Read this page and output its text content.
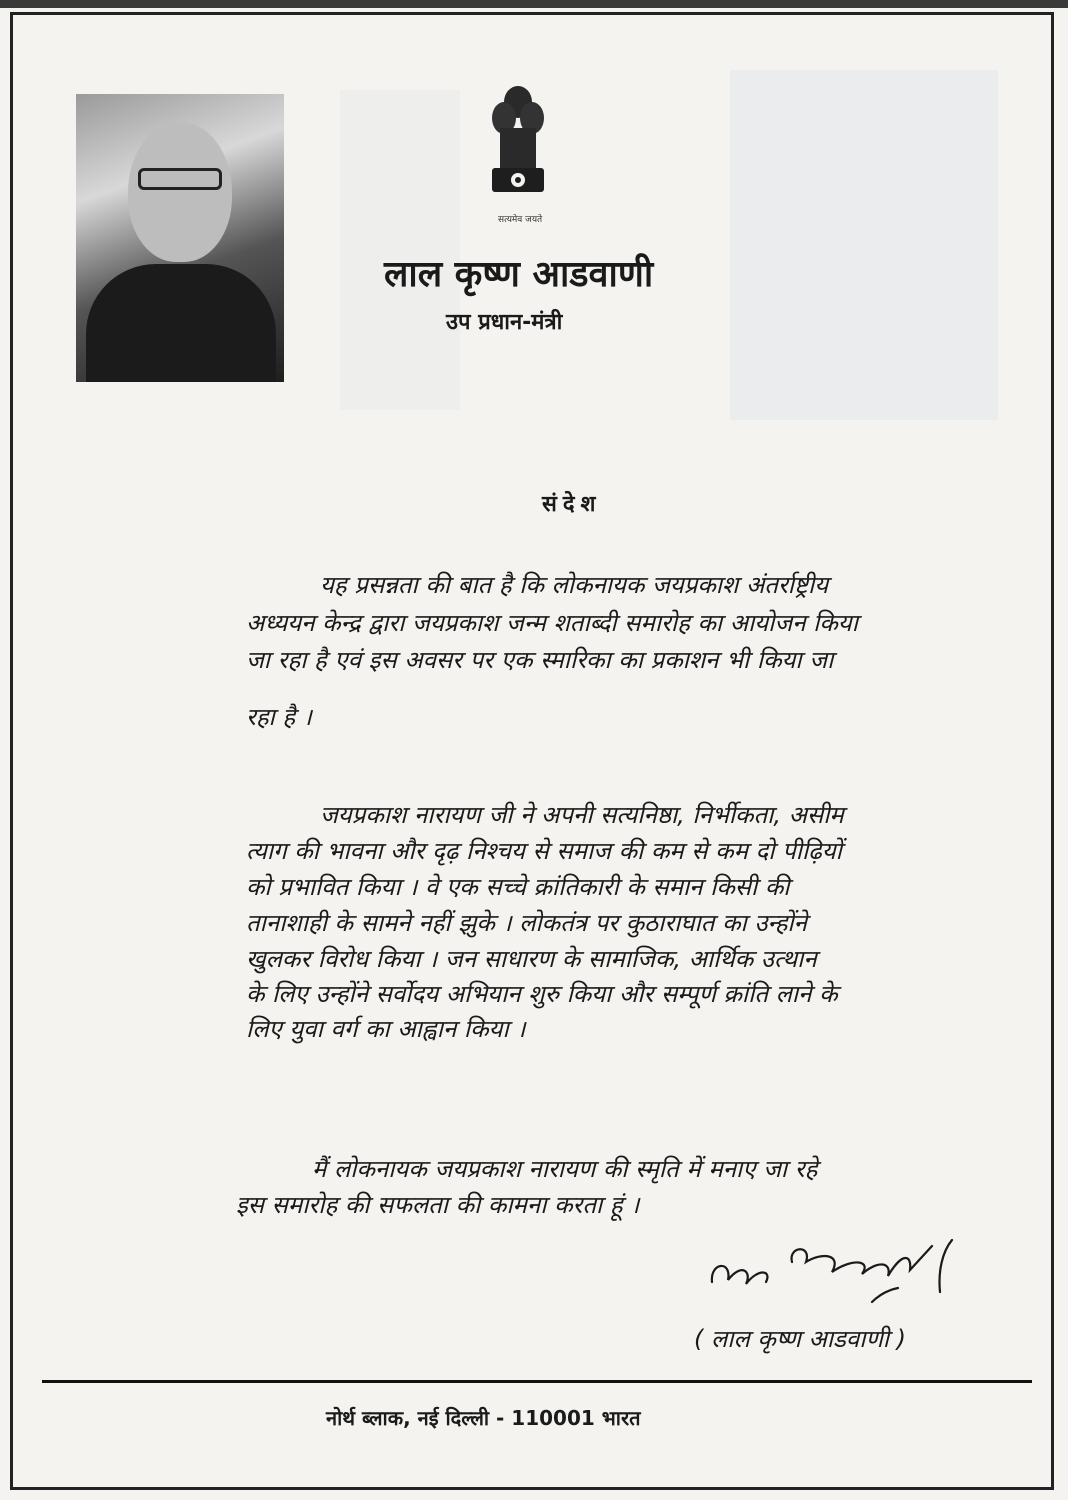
सत्यमेव जयते
लाल कृष्ण आडवाणी
उप प्रधान-मंत्री
संदेश
यह प्रसन्नता की बात है कि लोकनायक जयप्रकाश अंतर्राष्ट्रीय
अध्ययन केन्द्र द्वारा जयप्रकाश जन्म शताब्दी समारोह का आयोजन किया
जा रहा है एवं इस अवसर पर एक स्मारिका का प्रकाशन भी किया जा
रहा है ।
जयप्रकाश नारायण जी ने अपनी सत्यनिष्ठा, निर्भीकता, असीम
त्याग की भावना और दृढ़ निश्चय से समाज की कम से कम दो पीढ़ियों
को प्रभावित किया । वे एक सच्चे क्रांतिकारी के समान किसी की
तानाशाही के सामने नहीं झुके । लोकतंत्र पर कुठाराघात का उन्होंने
खुलकर विरोध किया । जन साधारण के सामाजिक, आर्थिक उत्थान
के लिए उन्होंने सर्वोदय अभियान शुरु किया और सम्पूर्ण क्रांति लाने के
लिए युवा वर्ग का आह्वान किया ।
मैं लोकनायक जयप्रकाश नारायण की स्मृति में मनाए जा रहे
इस समारोह की सफलता की कामना करता हूं ।
( लाल कृष्ण आडवाणी )
नोर्थ ब्लाक, नई दिल्ली - 110001 भारत
